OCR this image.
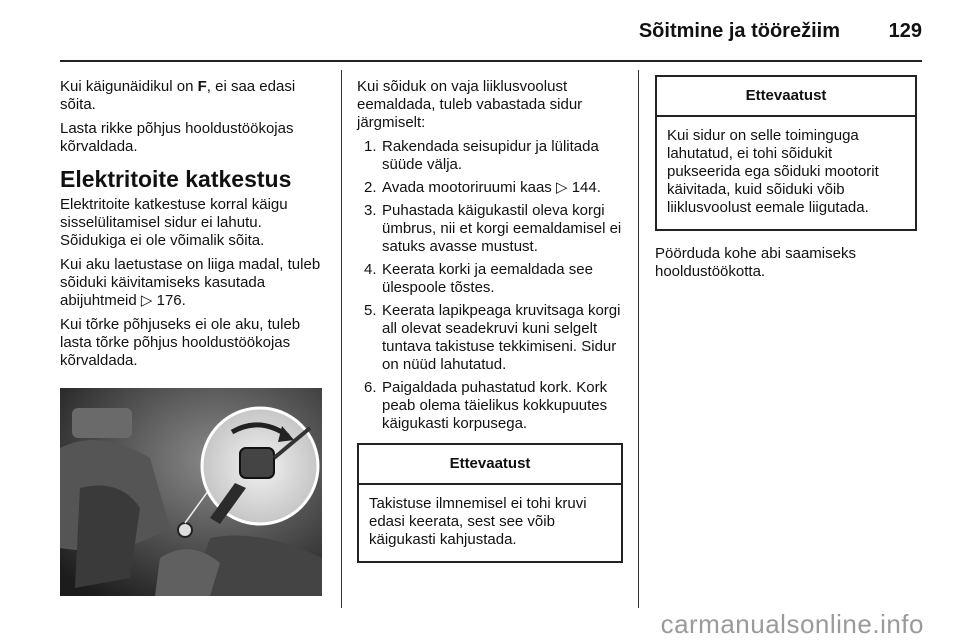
Sõitmine ja töörežiim 129

Kui käigunäidikul on F, ei saa edasi sõita.

Lasta rikke põhjus hooldustöökojas kõrvaldada.

Elektritoite katkestus

Elektritoite katkestuse korral käigu sisselülitamisel sidur ei lahutu. Sõidukiga ei ole võimalik sõita.

Kui aku laetustase on liiga madal, tuleb sõiduki käivitamiseks kasutada abijuhtmeid ▷ 176.

Kui tõrke põhjuseks ei ole aku, tuleb lasta tõrke põhjus hooldustöökojas kõrvaldada.

Kui sõiduk on vaja liiklusvoolust eemaldada, tuleb vabastada sidur järgmiselt:

1. Rakendada seisupidur ja lülitada süüde välja.
2. Avada mootoriruumi kaas ▷ 144.
3. Puhastada käigukastil oleva korgi ümbrus, nii et korgi eemaldamisel ei satuks avasse mustust.
4. Keerata korki ja eemaldada see ülespoole tõstes.
5. Keerata lapikpeaga kruvitsaga korgi all olevat seadekruvi kuni selgelt tuntava takistuse tekkimiseni. Sidur on nüüd lahutatud.
6. Paigaldada puhastatud kork. Kork peab olema täielikus kokkupuutes käigukasti korpusega.
Ettevaatust
Takistuse ilmnemisel ei tohi kruvi edasi keerata, sest see võib käigukasti kahjustada.
Ettevaatust
Kui sidur on selle toiminguga lahutatud, ei tohi sõidukit pukseerida ega sõiduki mootorit käivitada, kuid sõiduki võib liiklusvoolust eemale liigutada.

Pöörduda kohe abi saamiseks hooldustöökotta.

carmanualsonline.info
